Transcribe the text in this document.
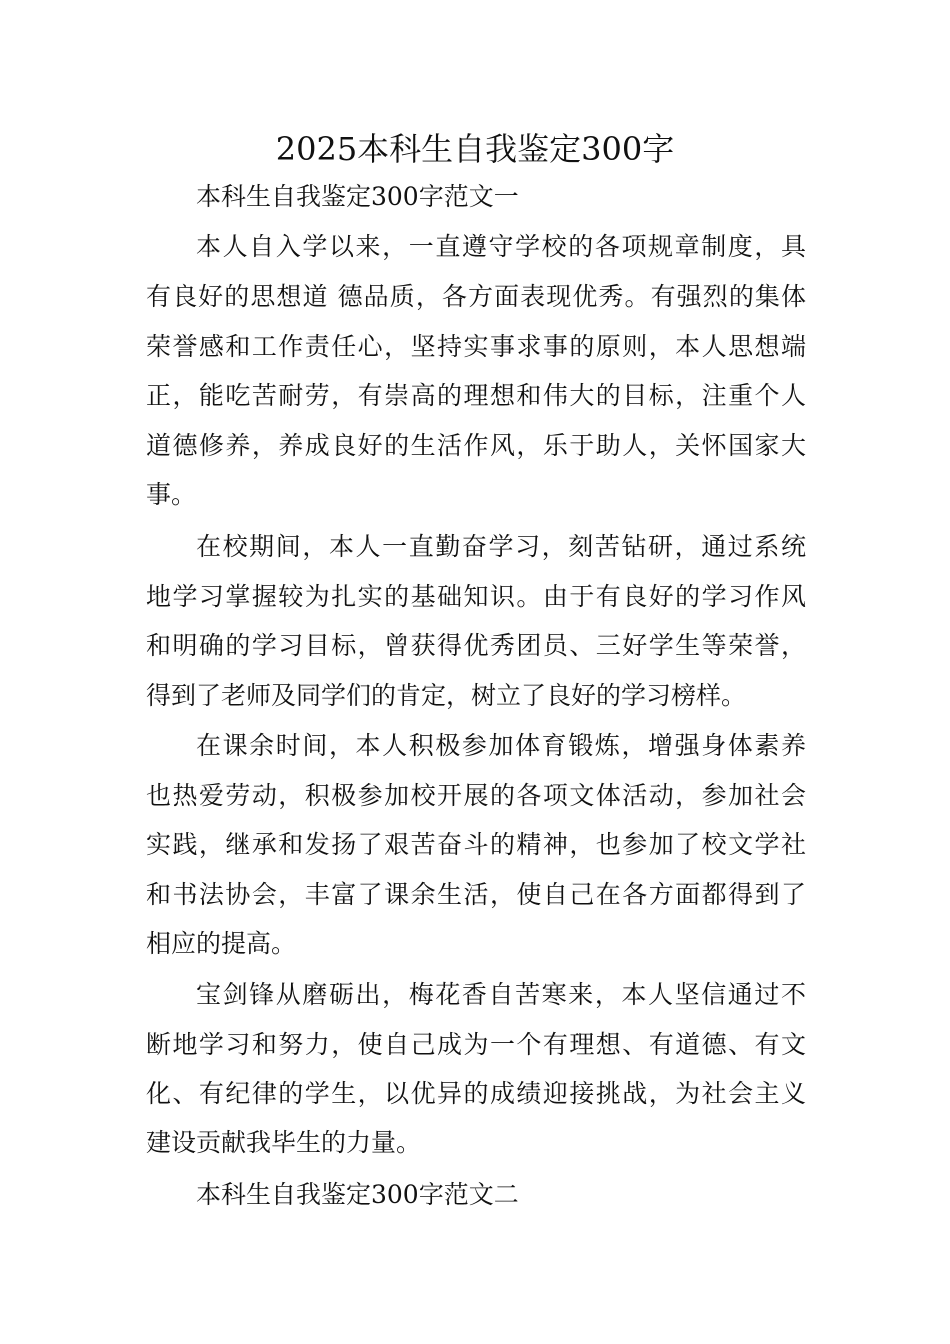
2025本科生自我鉴定300字
本科生自我鉴定300字范文一
本人自入学以来，一直遵守学校的各项规章制度，具
有良好的思想道 德品质，各方面表现优秀。有强烈的集体
荣誉感和工作责任心，坚持实事求事的原则，本人思想端
正，能吃苦耐劳，有崇高的理想和伟大的目标，注重个人
道德修养，养成良好的生活作风，乐于助人，关怀国家大
事。
在校期间，本人一直勤奋学习，刻苦钻研，通过系统
地学习掌握较为扎实的基础知识。由于有良好的学习作风
和明确的学习目标，曾获得优秀团员、三好学生等荣誉，
得到了老师及同学们的肯定，树立了良好的学习榜样。
在课余时间，本人积极参加体育锻炼，增强身体素养
也热爱劳动，积极参加校开展的各项文体活动，参加社会
实践，继承和发扬了艰苦奋斗的精神，也参加了校文学社
和书法协会，丰富了课余生活，使自己在各方面都得到了
相应的提高。
宝剑锋从磨砺出，梅花香自苦寒来，本人坚信通过不
断地学习和努力，使自己成为一个有理想、有道德、有文
化、有纪律的学生，以优异的成绩迎接挑战，为社会主义
建设贡献我毕生的力量。
本科生自我鉴定300字范文二
